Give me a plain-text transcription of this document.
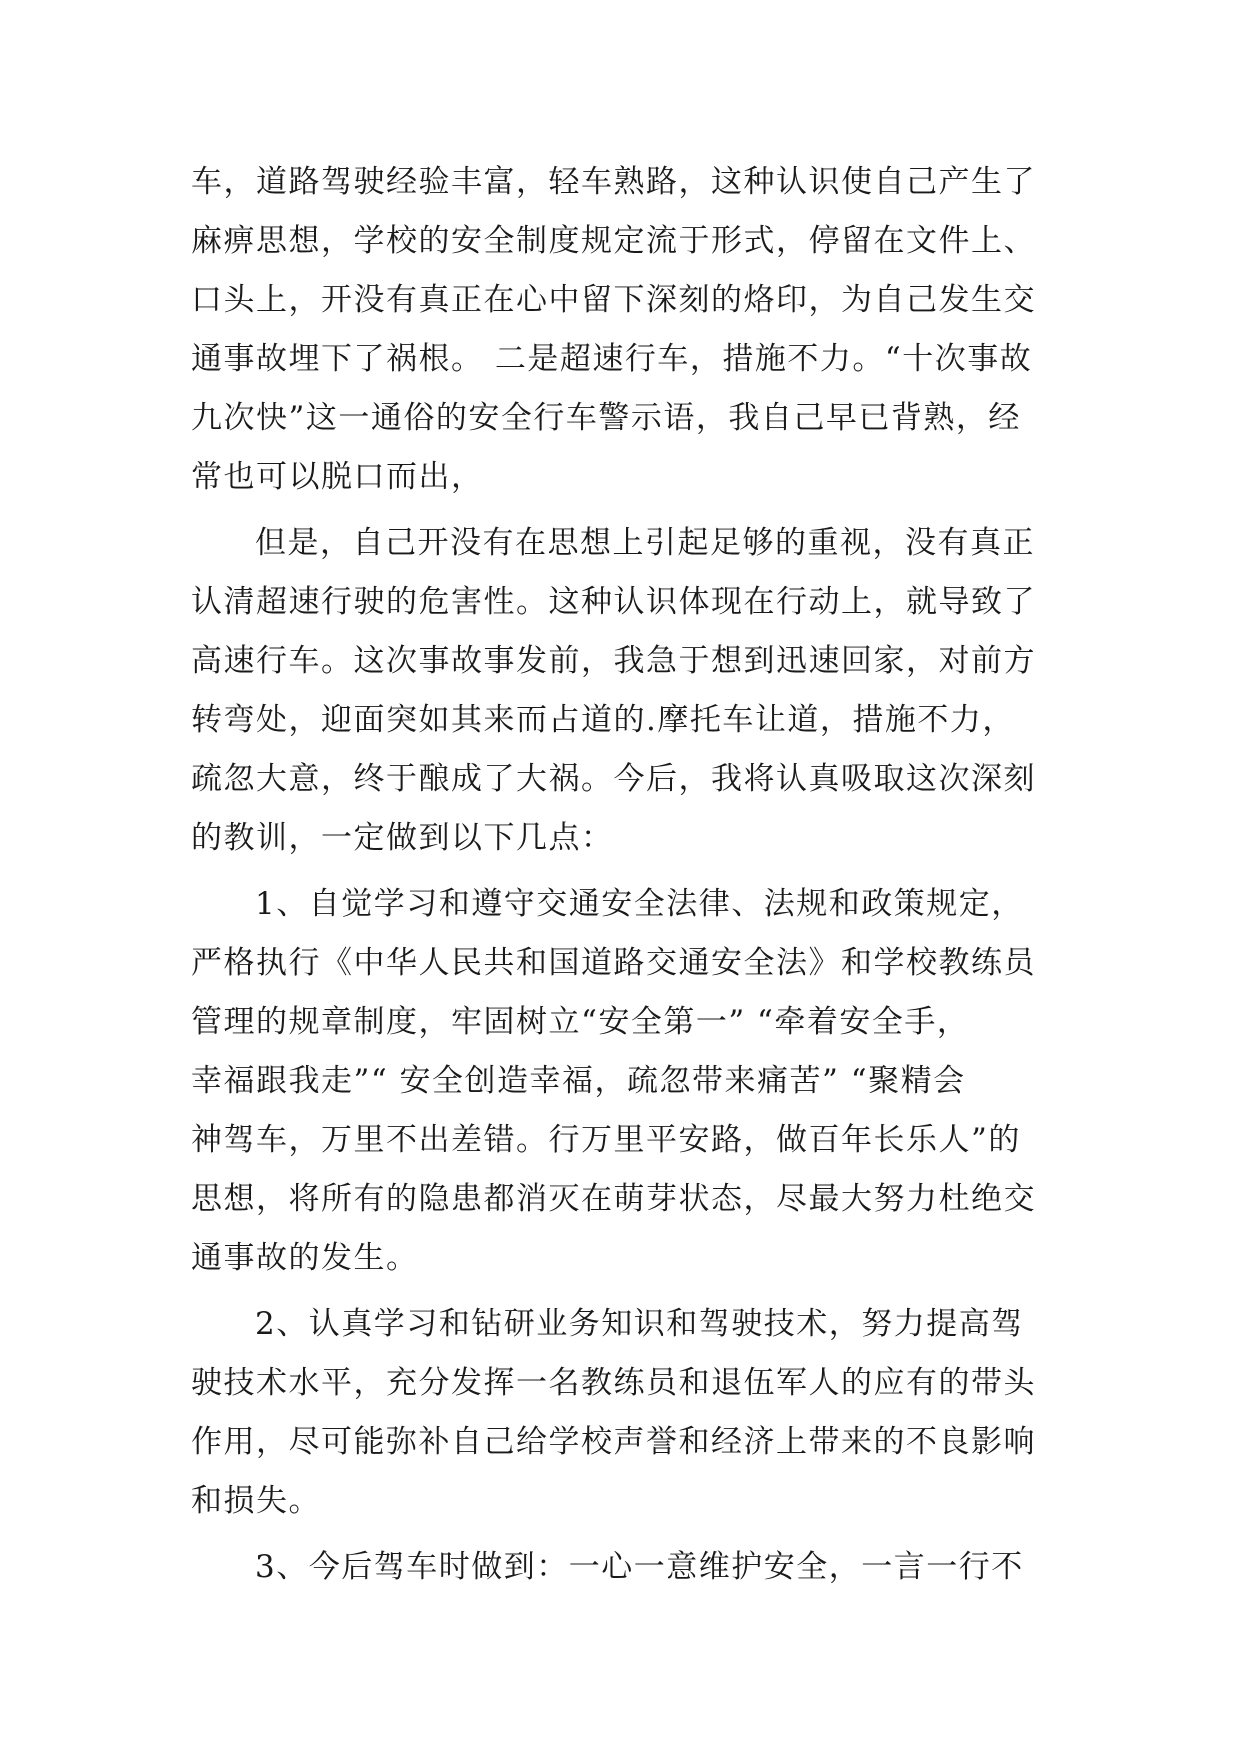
车，道路驾驶经验丰富，轻车熟路，这种认识使自己产生了
麻痹思想，学校的安全制度规定流于形式，停留在文件上、
口头上，开没有真正在心中留下深刻的烙印，为自己发生交
通事故埋下了祸根。 二是超速行车，措施不力。“十次事故
九次快”这一通俗的安全行车警示语，我自己早已背熟，经
常也可以脱口而出，
但是，自己开没有在思想上引起足够的重视，没有真正
认清超速行驶的危害性。这种认识体现在行动上，就导致了
高速行车。这次事故事发前，我急于想到迅速回家，对前方
转弯处，迎面突如其来而占道的.摩托车让道，措施不力，
疏忽大意，终于酿成了大祸。今后，我将认真吸取这次深刻
的教训，一定做到以下几点：
1、自觉学习和遵守交通安全法律、法规和政策规定，
严格执行《中华人民共和国道路交通安全法》和学校教练员
管理的规章制度，牢固树立“安全第一” “牵着安全手，
幸福跟我走”“ 安全创造幸福，疏忽带来痛苦” “聚精会
神驾车，万里不出差错。行万里平安路，做百年长乐人”的
思想，将所有的隐患都消灭在萌芽状态，尽最大努力杜绝交
通事故的发生。
2、认真学习和钻研业务知识和驾驶技术，努力提高驾
驶技术水平，充分发挥一名教练员和退伍军人的应有的带头
作用，尽可能弥补自己给学校声誉和经济上带来的不良影响
和损失。
3、今后驾车时做到：一心一意维护安全，一言一行不
